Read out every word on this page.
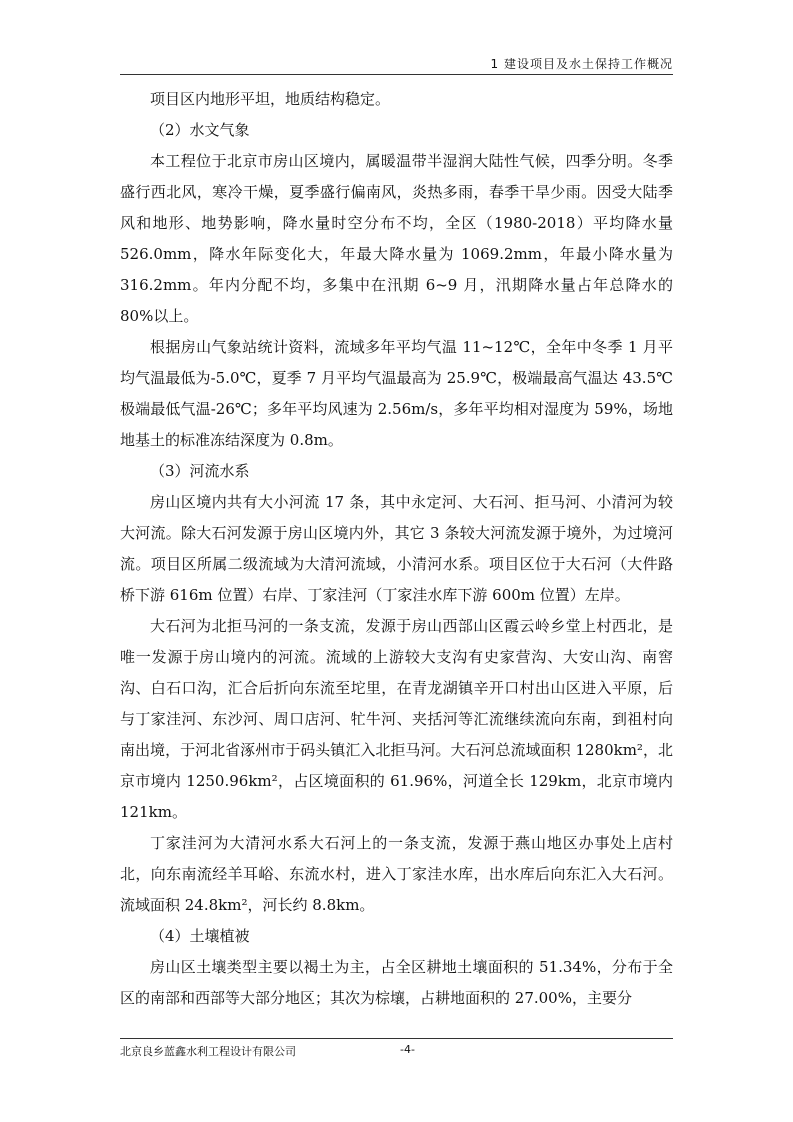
1 建设项目及水土保持工作概况

项目区内地形平坦，地质结构稳定。

（2）水文气象

本工程位于北京市房山区境内，属暖温带半湿润大陆性气候，四季分明。冬季盛行西北风，寒冷干燥，夏季盛行偏南风，炎热多雨，春季干旱少雨。因受大陆季风和地形、地势影响，降水量时空分布不均，全区（1980-2018）平均降水量 526.0mm，降水年际变化大，年最大降水量为 1069.2mm，年最小降水量为 316.2mm。年内分配不均，多集中在汛期 6~9 月，汛期降水量占年总降水的 80%以上。

根据房山气象站统计资料，流域多年平均气温 11~12℃，全年中冬季 1 月平均气温最低为-5.0℃，夏季 7 月平均气温最高为 25.9℃，极端最高气温达 43.5℃极端最低气温-26℃；多年平均风速为 2.56m/s，多年平均相对湿度为 59%，场地地基土的标准冻结深度为 0.8m。

（3）河流水系

房山区境内共有大小河流 17 条，其中永定河、大石河、拒马河、小清河为较大河流。除大石河发源于房山区境内外，其它 3 条较大河流发源于境外，为过境河流。项目区所属二级流域为大清河流域，小清河水系。项目区位于大石河（大件路桥下游 616m 位置）右岸、丁家洼河（丁家洼水库下游 600m 位置）左岸。

大石河为北拒马河的一条支流，发源于房山西部山区霞云岭乡堂上村西北，是唯一发源于房山境内的河流。流域的上游较大支沟有史家营沟、大安山沟、南窖沟、白石口沟，汇合后折向东流至坨里，在青龙湖镇辛开口村出山区进入平原，后与丁家洼河、东沙河、周口店河、牤牛河、夹括河等汇流继续流向东南，到祖村向南出境，于河北省涿州市于码头镇汇入北拒马河。大石河总流域面积 1280km²，北京市境内 1250.96km²，占区境面积的 61.96%，河道全长 129km，北京市境内 121km。

丁家洼河为大清河水系大石河上的一条支流，发源于燕山地区办事处上店村北，向东南流经羊耳峪、东流水村，进入丁家洼水库，出水库后向东汇入大石河。流域面积 24.8km²，河长约 8.8km。

（4）土壤植被

房山区土壤类型主要以褐土为主，占全区耕地土壤面积的 51.34%，分布于全区的南部和西部等大部分地区；其次为棕壤，占耕地面积的 27.00%，主要分

北京良乡蓝鑫水利工程设计有限公司	-4-
